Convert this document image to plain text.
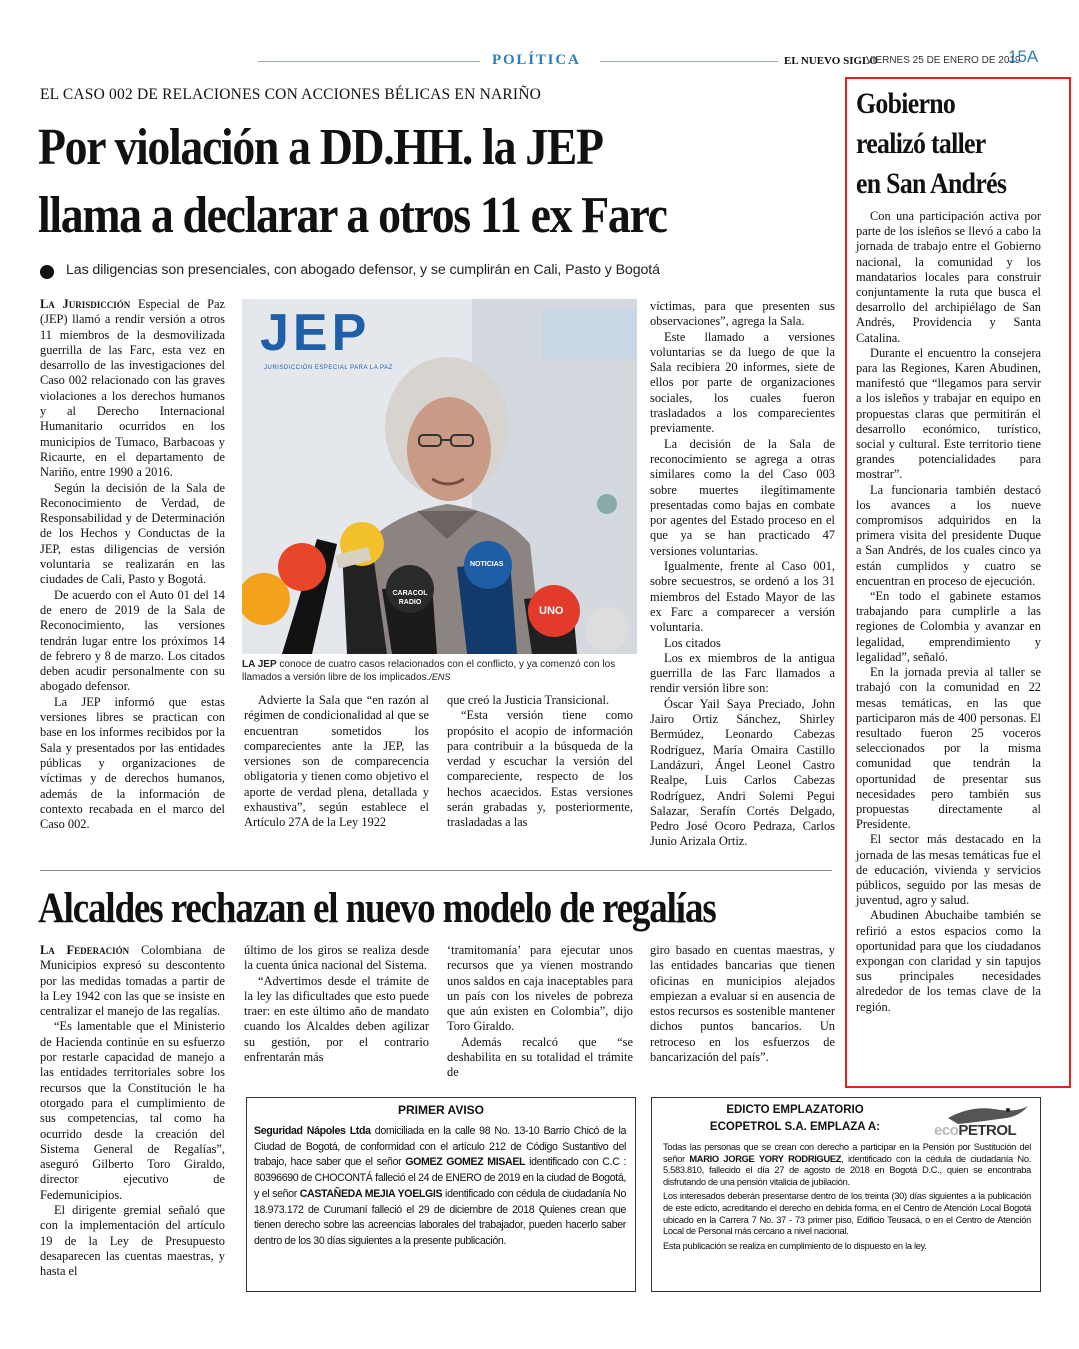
POLÍTICA	EL NUEVO SIGLO
VIERNES 25 DE ENERO DE 2019
15A
EL CASO 002 DE RELACIONES CON ACCIONES BÉLICAS EN NARIÑO
Por violación a DD.HH. la JEP
llama a declarar a otros 11 ex Farc
Las diligencias son presenciales, con abogado defensor, y se cumplirán en Cali, Pasto y Bogotá

La Jurisdicción Especial de Paz (JEP) llamó a rendir versión a otros 11 miembros de la desmovilizada guerrilla de las Farc, esta vez en desarrollo de las investigaciones del Caso 002 relacionado con las graves violaciones a los derechos humanos y al Derecho Internacional Humanitario ocurridos en los municipios de Tumaco, Barbacoas y Ricaurte, en el departamento de Nariño, entre 1990 a 2016.

Según la decisión de la Sala de Reconocimiento de Verdad, de Responsabilidad y de Determinación de los Hechos y Conductas de la JEP, estas diligencias de versión voluntaria se realizarán en las ciudades de Cali, Pasto y Bogotá.

De acuerdo con el Auto 01 del 14 de enero de 2019 de la Sala de Reconocimiento, las versiones tendrán lugar entre los próximos 14 de febrero y 8 de marzo. Los citados deben acudir personalmente con su abogado defensor.

La JEP informó que estas versiones libres se practican con base en los informes recibidos por la Sala y presentados por las entidades públicas y organizaciones de víctimas y de derechos humanos, además de la información de contexto recabada en el marco del Caso 002.

JEP
JURISDICCIÓN ESPECIAL PARA LA PAZ
CARACOL RADIO
NOTICIAS
UNO
LA JEP conoce de cuatro casos relacionados con el conflicto, y ya comenzó con los llamados a versión libre de los implicados./ENS

Advierte la Sala que “en razón al régimen de condicionalidad al que se encuentran sometidos los comparecientes ante la JEP, las versiones son de comparecencia obligatoria y tienen como objetivo el aporte de verdad plena, detallada y exhaustiva”, según establece el Artículo 27A de la Ley 1922

que creó la Justicia Transicional.

“Esta versión tiene como propósito el acopio de información para contribuir a la búsqueda de la verdad y escuchar la versión del compareciente, respecto de los hechos acaecidos. Estas versiones serán grabadas y, posteriormente, trasladadas a las

víctimas, para que presenten sus observaciones”, agrega la Sala.

Este llamado a versiones voluntarias se da luego de que la Sala recibiera 20 informes, siete de ellos por parte de organizaciones sociales, los cuales fueron trasladados a los comparecientes previamente.

La decisión de la Sala de reconocimiento se agrega a otras similares como la del Caso 003 sobre muertes ilegítimamente presentadas como bajas en combate por agentes del Estado proceso en el que ya se han practicado 47 versiones voluntarias.

Igualmente, frente al Caso 001, sobre secuestros, se ordenó a los 31 miembros del Estado Mayor de las ex Farc a comparecer a versión voluntaria.

Los citados

Los ex miembros de la antigua guerrilla de las Farc llamados a rendir versión libre son:

Óscar Yail Saya Preciado, John Jairo Ortiz Sánchez, Shirley Bermúdez, Leonardo Cabezas Rodríguez, María Omaira Castillo Landázuri, Ángel Leonel Castro Realpe, Luis Carlos Cabezas Rodríguez, Andri Solemi Pegui Salazar, Serafín Cortés Delgado, Pedro José Ocoro Pedraza, Carlos Junio Arizala Ortiz.

Alcaldes rechazan el nuevo modelo de regalías

La Federación Colombiana de Municipios expresó su descontento por las medidas tomadas a partir de la Ley 1942 con las que se insiste en centralizar el manejo de las regalías.

“Es lamentable que el Ministerio de Hacienda continúe en su esfuerzo por restarle capacidad de manejo a las entidades territoriales sobre los recursos que la Constitución le ha otorgado para el cumplimiento de sus competencias, tal como ha ocurrido desde la creación del Sistema General de Regalías”, aseguró Gilberto Toro Giraldo, director ejecutivo de Fedemunicipios.

El dirigente gremial señaló que con la implementación del artículo 19 de la Ley de Presupuesto desaparecen las cuentas maestras, y hasta el

último de los giros se realiza desde la cuenta única nacional del Sistema.

“Advertimos desde el trámite de la ley las dificultades que esto puede traer: en este último año de mandato cuando los Alcaldes deben agilizar su gestión, por el contrario enfrentarán más

‘tramitomanía’ para ejecutar unos recursos que ya vienen mostrando unos saldos en caja inaceptables para un país con los niveles de pobreza que aún existen en Colombia”, dijo Toro Giraldo.

Además recalcó que “se deshabilita en su totalidad el trámite de

giro basado en cuentas maestras, y las entidades bancarias que tienen oficinas en municipios alejados empiezan a evaluar si en ausencia de estos recursos es sostenible mantener dichos puntos bancarios. Un retroceso en los esfuerzos de bancarización del país”.

Gobierno
realizó taller
en San Andrés

Con una participación activa por parte de los isleños se llevó a cabo la jornada de trabajo entre el Gobierno nacional, la comunidad y los mandatarios locales para construir conjuntamente la ruta que busca el desarrollo del archipiélago de San Andrés, Providencia y Santa Catalina.

Durante el encuentro la consejera para las Regiones, Karen Abudinen, manifestó que “llegamos para servir a los isleños y trabajar en equipo en propuestas claras que permitirán el desarrollo económico, turístico, social y cultural. Este territorio tiene grandes potencialidades para mostrar”.

La funcionaria también destacó los avances a los nueve compromisos adquiridos en la primera visita del presidente Duque a San Andrés, de los cuales cinco ya están cumplidos y cuatro se encuentran en proceso de ejecución.

“En todo el gabinete estamos trabajando para cumplirle a las regiones de Colombia y avanzar en legalidad, emprendimiento y legalidad”, señaló.

En la jornada previa al taller se trabajó con la comunidad en 22 mesas temáticas, en las que participaron más de 400 personas. El resultado fueron 25 voceros seleccionados por la misma comunidad que tendrán la oportunidad de presentar sus necesidades pero también sus propuestas directamente al Presidente.

El sector más destacado en la jornada de las mesas temáticas fue el de educación, vivienda y servicios públicos, seguido por las mesas de juventud, agro y salud.

Abudinen Abuchaibe también se refirió a estos espacios como la oportunidad para que los ciudadanos expongan con claridad y sin tapujos sus principales necesidades alrededor de los temas clave de la región.

PRIMER AVISO
Seguridad Nápoles Ltda domiciliada en la calle 98 No. 13-10 Barrio Chicó de la Ciudad de Bogotá, de conformidad con el artículo 212 de Código Sustantivo del trabajo, hace saber que el señor GOMEZ GOMEZ MISAEL identificado con C.C : 80396690 de CHOCONTÁ falleció el 24 de ENERO de 2019 en la ciudad de Bogotá, y el señor CASTAÑEDA MEJIA YOELGIS identificado con cédula de ciudadanía No 18.973.172 de Curumaní falleció el 29 de diciembre de 2018 Quienes crean que tienen derecho sobre las acreencias laborales del trabajador, pueden hacerlo saber dentro de los 30 días siguientes a la presente publicación.
EDICTO EMPLAZATORIO
ECOPETROL S.A. EMPLAZA A:	ecoPETROL

Todas las personas que se crean con derecho a participar en la Pensión por Sustitución del señor MARIO JORGE YORY RODRIGUEZ, identificado con la cédula de ciudadanía No. 5.583.810, fallecido el día 27 de agosto de 2018 en Bogotá D.C., quien se encontraba disfrutando de una pensión vitalicia de jubilación.

Los interesados deberán presentarse dentro de los treinta (30) días siguientes a la publicación de este edicto, acreditando el derecho en debida forma, en el Centro de Atención Local Bogotá ubicado en la Carrera 7 No. 37 - 73 primer piso, Edificio Teusacá, o en el Centro de Atención Local de Personal más cercano a nivel nacional.

Esta publicación se realiza en cumplimiento de lo dispuesto en la ley.
